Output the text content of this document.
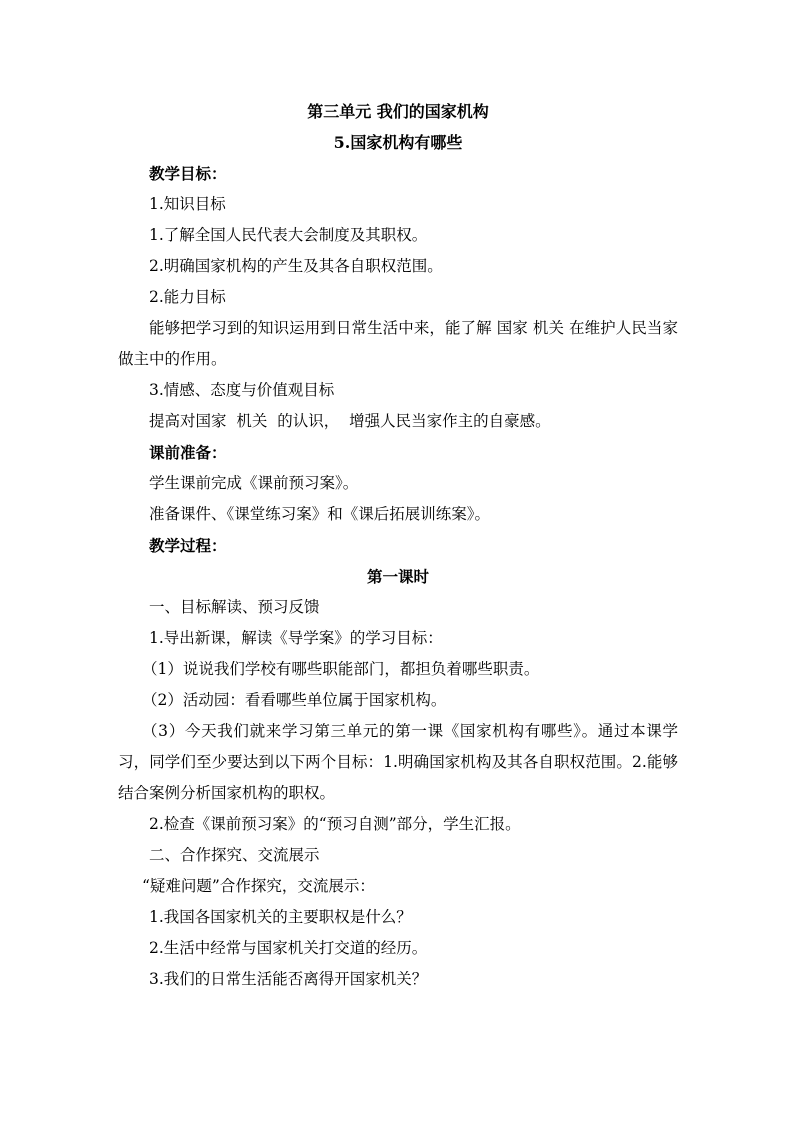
第三单元 我们的国家机构
5.国家机构有哪些
教学目标：
1.知识目标
1.了解全国人民代表大会制度及其职权。
2.明确国家机构的产生及其各自职权范围。
2.能力目标
能够把学习到的知识运用到日常生活中来，能了解 国家 机关 在维护人民当家做主中的作用。
3.情感、态度与价值观目标
提高对国家  机关  的认识，  增强人民当家作主的自豪感。
课前准备：
学生课前完成《课前预习案》。
准备课件、《课堂练习案》和《课后拓展训练案》。
教学过程：
第一课时
一、目标解读、预习反馈
1.导出新课，解读《导学案》的学习目标：
（1）说说我们学校有哪些职能部门，都担负着哪些职责。
（2）活动园：看看哪些单位属于国家机构。
（3）今天我们就来学习第三单元的第一课《国家机构有哪些》。通过本课学习，同学们至少要达到以下两个目标：1.明确国家机构及其各自职权范围。2.能够结合案例分析国家机构的职权。
2.检查《课前预习案》的“预习自测”部分，学生汇报。
二、合作探究、交流展示
“疑难问题”合作探究，交流展示：
1.我国各国家机关的主要职权是什么？
2.生活中经常与国家机关打交道的经历。
3.我们的日常生活能否离得开国家机关？
